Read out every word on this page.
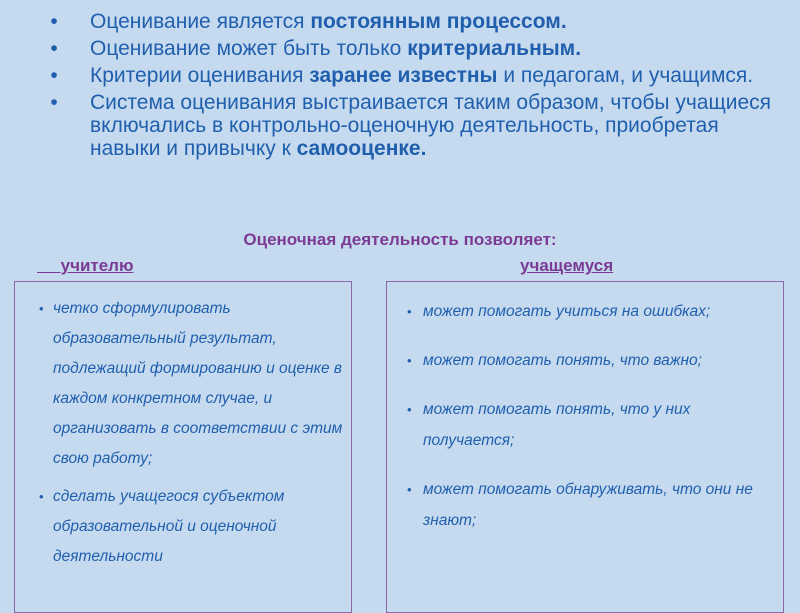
•	Оценивание является постоянным процессом.
•	Оценивание может быть только критериальным.
•	Критерии оценивания заранее известны и педагогам, и учащимся.
•	Система оценивания выстраивается таким образом, чтобы учащиеся включались в контрольно-оценочную деятельность, приобретая навыки и привычку к самооценке.
Оценочная деятельность позволяет:
учителю	учащемуся
• четко сформулировать образовательный результат, подлежащий формированию и оценке в каждом конкретном случае, и организовать в соответствии с этим свою работу;
• сделать учащегося субъектом образовательной и оценочной деятельности
• может помогать учиться на ошибках;
• может помогать понять, что важно;
• может помогать понять, что у них получается;
• может помогать обнаруживать, что они не знают;
